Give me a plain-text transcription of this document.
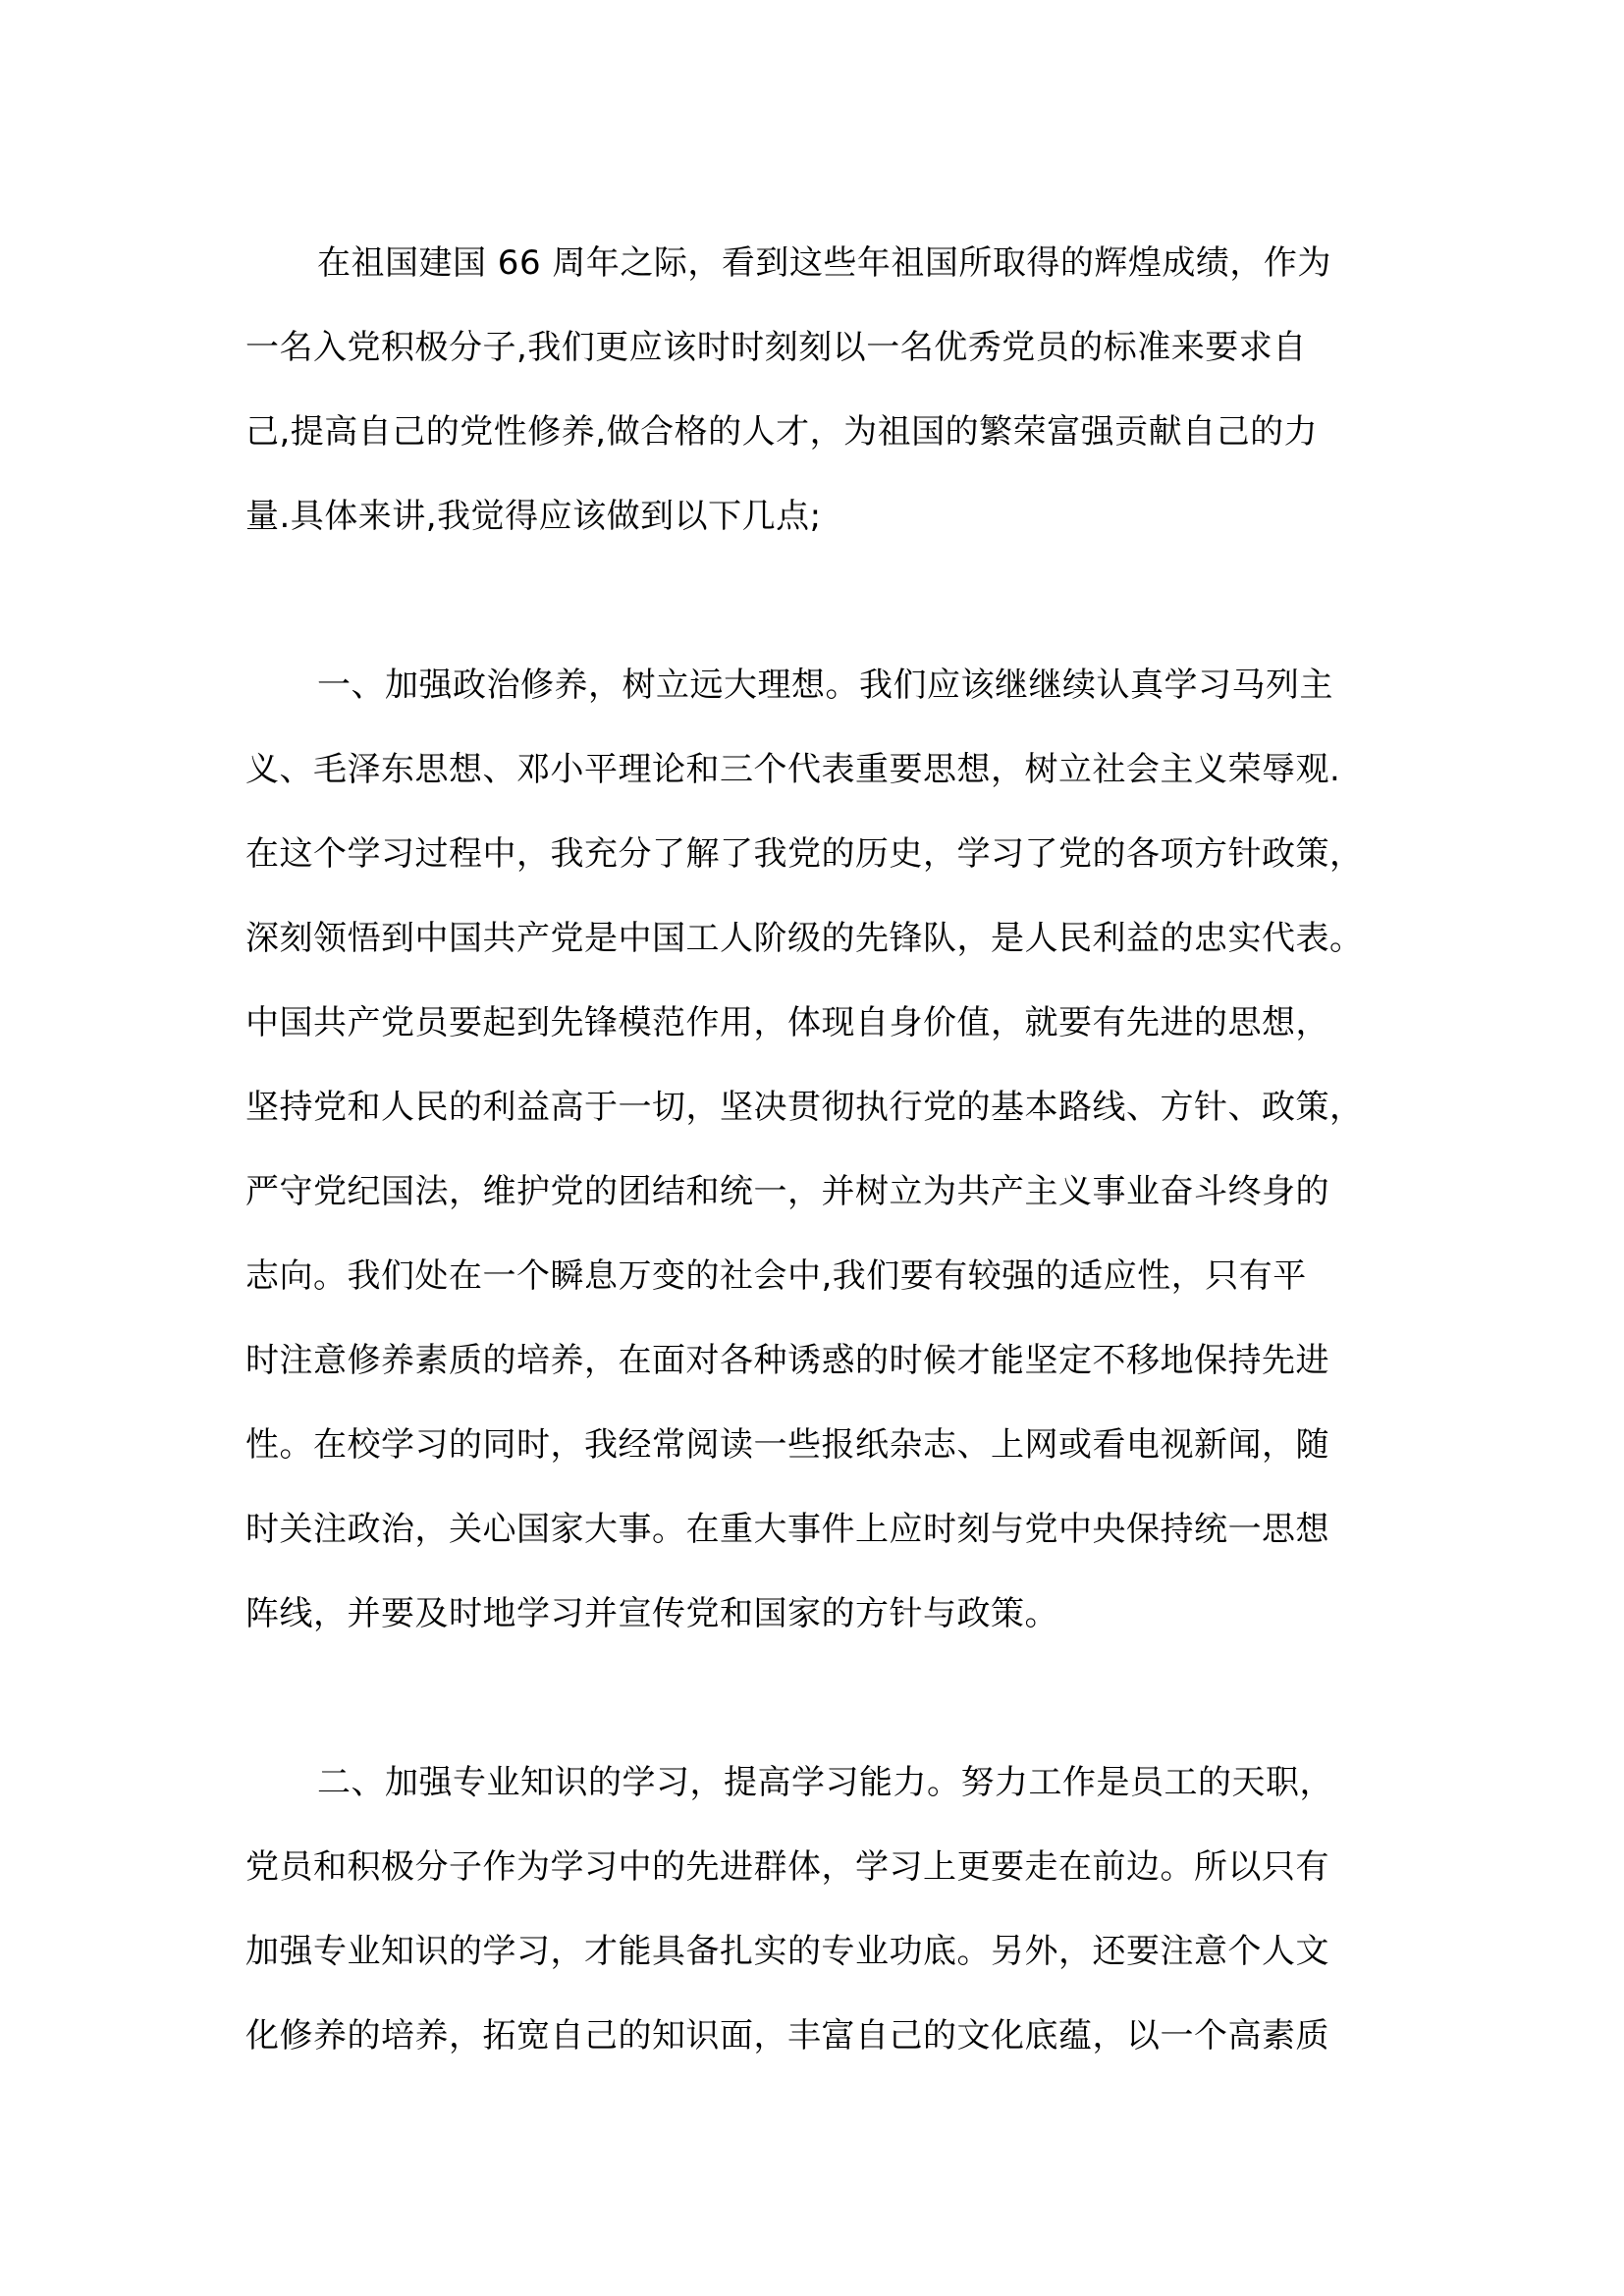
在祖国建国 66 周年之际，看到这些年祖国所取得的辉煌成绩，作为
一名入党积极分子,我们更应该时时刻刻以一名优秀党员的标准来要求自
己,提高自己的党性修养,做合格的人才，为祖国的繁荣富强贡献自己的力
量.具体来讲,我觉得应该做到以下几点;
一、加强政治修养，树立远大理想。我们应该继继续认真学习马列主
义、毛泽东思想、邓小平理论和三个代表重要思想，树立社会主义荣辱观.
在这个学习过程中，我充分了解了我党的历史，学习了党的各项方针政策，
深刻领悟到中国共产党是中国工人阶级的先锋队，是人民利益的忠实代表。
中国共产党员要起到先锋模范作用，体现自身价值，就要有先进的思想，
坚持党和人民的利益高于一切，坚决贯彻执行党的基本路线、方针、政策，
严守党纪国法，维护党的团结和统一，并树立为共产主义事业奋斗终身的
志向。我们处在一个瞬息万变的社会中,我们要有较强的适应性，只有平
时注意修养素质的培养，在面对各种诱惑的时候才能坚定不移地保持先进
性。在校学习的同时，我经常阅读一些报纸杂志、上网或看电视新闻，随
时关注政治，关心国家大事。在重大事件上应时刻与党中央保持统一思想
阵线，并要及时地学习并宣传党和国家的方针与政策。
二、加强专业知识的学习，提高学习能力。努力工作是员工的天职，
党员和积极分子作为学习中的先进群体，学习上更要走在前边。所以只有
加强专业知识的学习，才能具备扎实的专业功底。另外，还要注意个人文
化修养的培养，拓宽自己的知识面，丰富自己的文化底蕴，以一个高素质
